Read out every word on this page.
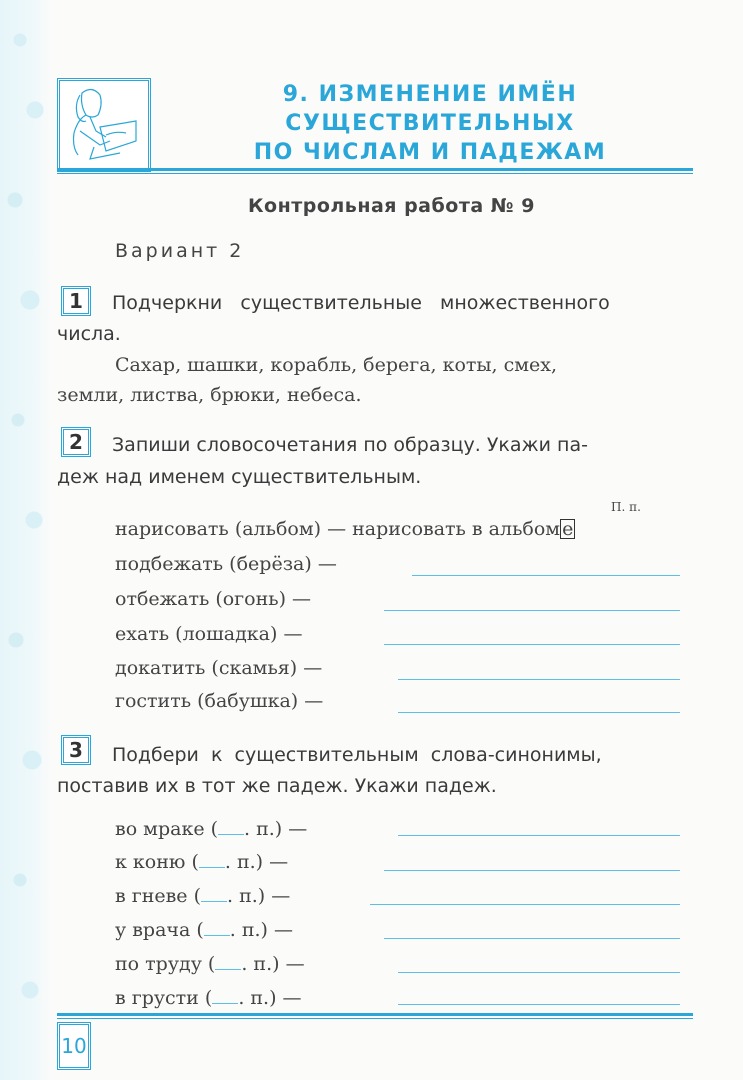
9. ИЗМЕНЕНИЕ ИМЁН
СУЩЕСТВИТЕЛЬНЫХ
ПО ЧИСЛАМ И ПАДЕЖАМ
Контрольная работа № 9
Вариант 2
1	Подчеркни   существительные   множественного
числа.
Сахар, шашки, корабль, берега, коты, смех,
земли, листва, брюки, небеса.
2	Запиши словосочетания по образцу. Укажи па-
деж над именем существительным.
П. п.
нарисовать (альбом) — нарисовать в альбом е
подбежать (берёза) —
отбежать (огонь) —
ехать (лошадка) —
докатить (скамья) —
гостить (бабушка) —
3	Подбери  к  существительным  слова-синонимы,
поставив их в тот же падеж. Укажи падеж.
во мраке ( . п.) —
к коню ( . п.) —
в гневе ( . п.) —
у врача ( . п.) —
по труду ( . п.) —
в грусти ( . п.) —
10
